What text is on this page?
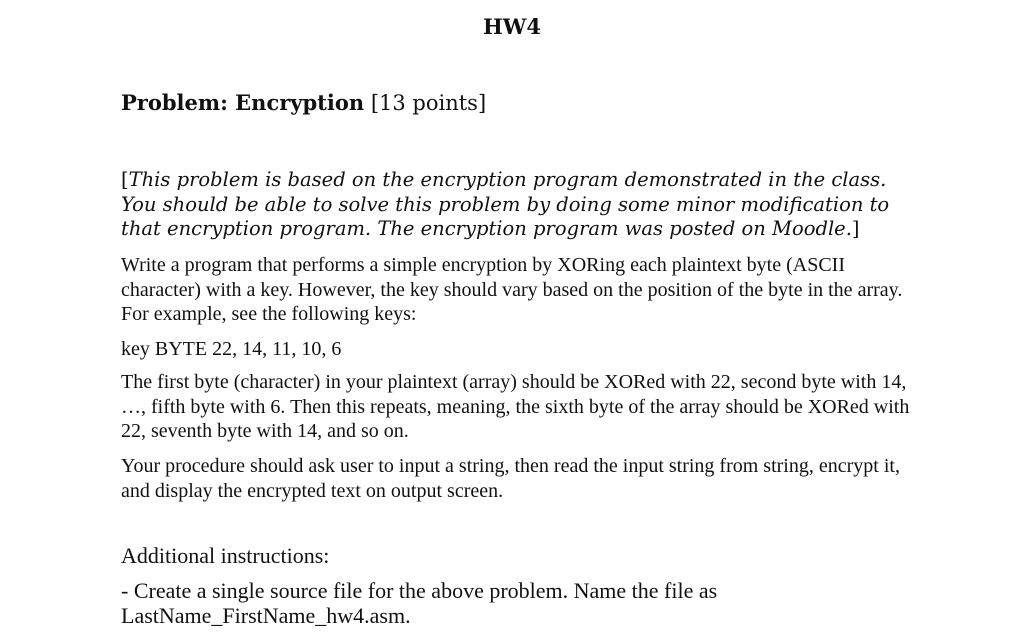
HW4
Problem: Encryption [13 points]

[This problem is based on the encryption program demonstrated in the class. You should be able to solve this problem by doing some minor modification to that encryption program. The encryption program was posted on Moodle.]

Write a program that performs a simple encryption by XORing each plaintext byte (ASCII character) with a key. However, the key should vary based on the position of the byte in the array. For example, see the following keys:

key BYTE 22, 14, 11, 10, 6

The first byte (character) in your plaintext (array) should be XORed with 22, second byte with 14, …, fifth byte with 6. Then this repeats, meaning, the sixth byte of the array should be XORed with 22, seventh byte with 14, and so on.

Your procedure should ask user to input a string, then read the input string from string, encrypt it, and display the encrypted text on output screen.

Additional instructions:

- Create a single source file for the above problem. Name the file as LastName_FirstName_hw4.asm.
